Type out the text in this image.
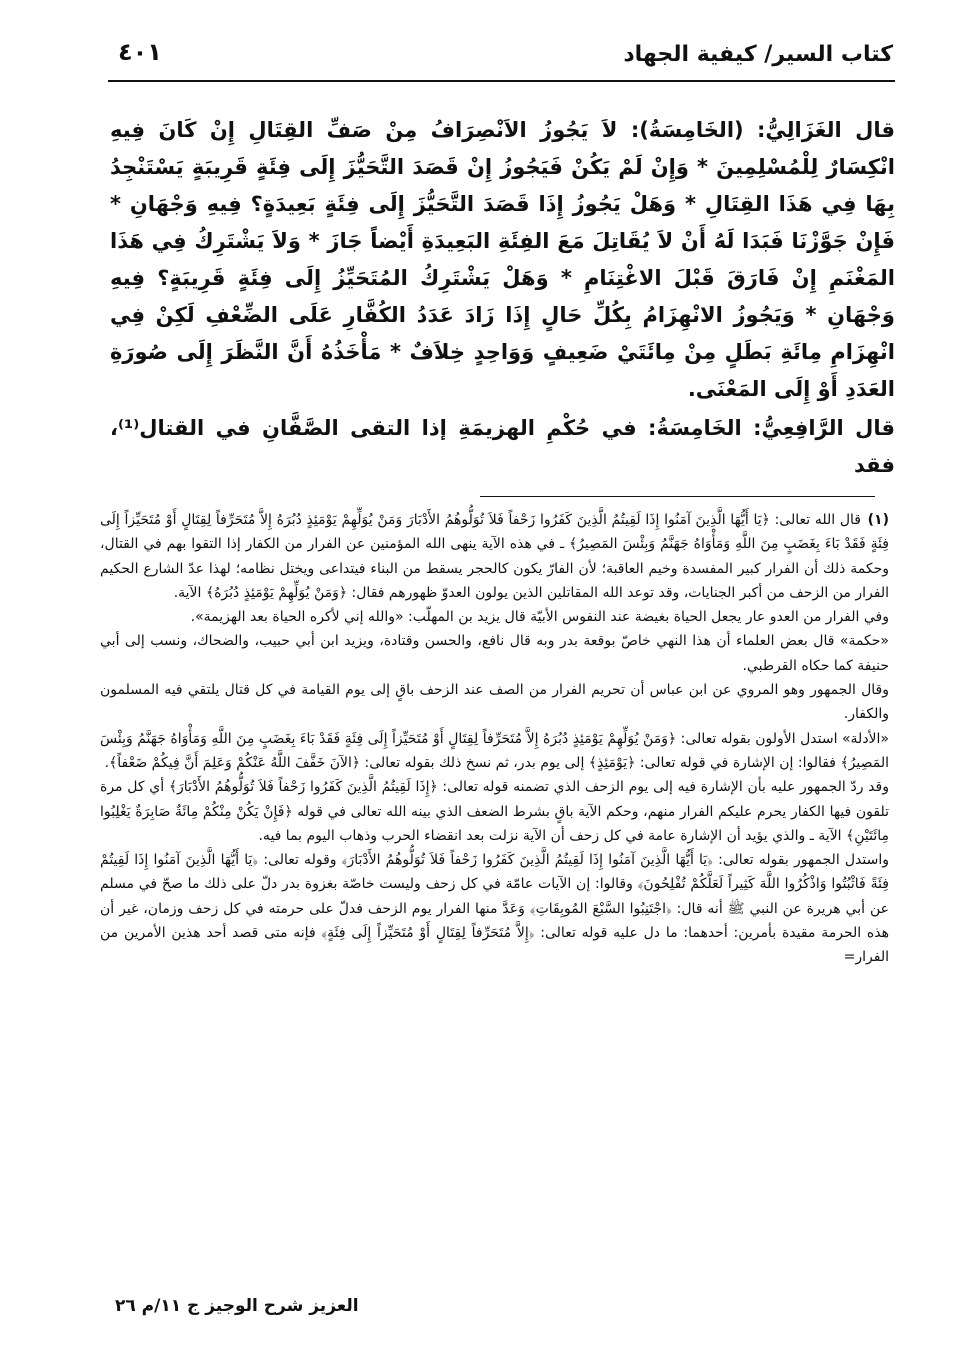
كتاب السير/ كيفية الجهاد
٤٠١

قال الغَزَالِيُّ: (الخَامِسَةُ): لاَ يَجُوزُ الاَنْصِرَافُ مِنْ صَفِّ القِتَالِ إِنْ كَانَ فِيهِ انْكِسَارٌ لِلْمُسْلِمِينَ * وَإِنْ لَمْ يَكُنْ فَيَجُوزُ إِنْ قَصَدَ التَّحَيُّزَ إِلَى فِئَةٍ قَرِيبَةٍ يَسْتَنْجِدُ بِهَا فِي هَذَا القِتَالِ * وَهَلْ يَجُوزُ إِذَا قَصَدَ التَّحَيُّزَ إِلَى فِئَةٍ بَعِيدَةٍ؟ فِيهِ وَجْهَانِ * فَإِنْ جَوَّزْنَا فَبَدَا لَهُ أَنْ لاَ يُقَاتِلَ مَعَ الفِئَةِ البَعِيدَةِ أَيْضاً جَازَ * وَلاَ يَشْتَرِكُ فِي هَذَا المَغْنَمِ إِنْ فَارَقَ قَبْلَ الاغْتِنَامِ * وَهَلْ يَشْتَرِكُ المُتَحَيِّزُ إِلَى فِئَةٍ قَرِيبَةٍ؟ فِيهِ وَجْهَانِ * وَيَجُوزُ الانْهِزَامُ بِكُلِّ حَالٍ إِذَا زَادَ عَدَدُ الكُفَّارِ عَلَى الضِّعْفِ لَكِنْ فِي انْهِزَامِ مِائَةِ بَطَلٍ مِنْ مِائَتَيْ ضَعِيفٍ وَوَاحِدٍ خِلاَفٌ * مَأْخَذُهُ أَنَّ النَّظَرَ إِلَى صُورَةِ العَدَدِ أَوْ إِلَى المَعْنَى.

قال الرَّافِعِيُّ: الخَامِسَةُ: في حُكْمِ الهزيمَةِ إذا التقى الصَّفَّانِ في القتال⁽¹⁾، فقد

(١)قال الله تعالى: ﴿يَا أَيُّهَا الَّذِينَ آمَنُوا إِذَا لَقِيتُمُ الَّذِينَ كَفَرُوا زَحْفاً فَلاَ تُوَلُّوهُمُ الأَدْبَارَ وَمَنْ يُوَلِّهِمْ يَوْمَئِذٍ دُبُرَهُ إِلاَّ مُتَحَرِّفاً لِقِتَالٍ أَوْ مُتَحَيِّزاً إِلَى فِئَةٍ فَقَدْ بَاءَ بِغَضَبٍ مِنَ اللَّهِ وَمَأْوَاهُ جَهَنَّمُ وَبِئْسَ المَصِيرُ﴾ ـ في هذه الآية ينهى الله المؤمنين عن الفرار من الكفار إذا التقوا بهم في القتال، وحكمة ذلك أن الفرار كبير المفسدة وخيم العاقبة؛ لأن الفارّ يكون كالحجر يسقط من البناء فيتداعى ويختل نظامه؛ لهذا عدّ الشارع الحكيم الفرار من الزحف من أكبر الجنايات، وقد توعد الله المقاتلين الذين يولون العدوّ ظهورهم فقال: ﴿وَمَنْ يُوَلِّهِمْ يَوْمَئِذٍ دُبُرَهُ﴾ الآية.

وفي الفرار من العدو عار يجعل الحياة بغيضة عند النفوس الأبيّة قال يزيد بن المهلّب: «والله إني لأكره الحياة بعد الهزيمة».

«حكمة» قال بعض العلماء أن هذا النهي خاصّ بوقعة بدر وبه قال نافع، والحسن وقتادة، ويزيد ابن أبي حبيب، والضحاك، ونسب إلى أبي حنيفة كما حكاه القرطبي.

وقال الجمهور وهو المروي عن ابن عباس أن تحريم الفرار من الصف عند الزحف باقٍ إلى يوم القيامة في كل قتال يلتقي فيه المسلمون والكفار.

«الأدلة» استدل الأولون بقوله تعالى: ﴿وَمَنْ يُوَلِّهِمْ يَوْمَئِذٍ دُبُرَهُ إِلاَّ مُتَحَرِّفاً لِقِتَالٍ أَوْ مُتَحَيِّزاً إِلَى فِئَةٍ فَقَدْ بَاءَ بِغَضَبٍ مِنَ اللَّهِ وَمَأْوَاهُ جَهَنَّمُ وَبِئْسَ المَصِيرُ﴾ فقالوا: إن الإشارة في قوله تعالى: ﴿يَوْمَئِذٍ﴾ إلى يوم بدر، ثم نسخ ذلك بقوله تعالى: ﴿الآنَ خَفَّفَ اللَّهُ عَنْكُمْ وَعَلِمَ أَنَّ فِيكُمْ ضَعْفاً﴾.

وقد ردّ الجمهور عليه بأن الإشارة فيه إلى يوم الزحف الذي تضمنه قوله تعالى: ﴿إِذَا لَقِيتُمُ الَّذِينَ كَفَرُوا زَحْفاً فَلاَ تُوَلُّوهُمُ الأَدْبَارَ﴾ أي كل مرة تلقون فيها الكفار يحرم عليكم الفرار منهم، وحكم الآية باقٍ بشرط الضعف الذي بينه الله تعالى في قوله ﴿فَإِنْ يَكُنْ مِنْكُمْ مِائَةٌ صَابِرَةٌ يَغْلِبُوا مِائَتَيْنِ﴾ الآية ـ والذي يؤيد أن الإشارة عامة في كل زحف أن الآية نزلت بعد انقضاء الحرب وذهاب اليوم بما فيه.

واستدل الجمهور بقوله تعالى: ﴿يَا أَيُّهَا الَّذِينَ آمَنُوا إِذَا لَقِيتُمُ الَّذِينَ كَفَرُوا زَحْفاً فَلاَ تُوَلُّوهُمُ الأَدْبَارَ﴾ وقوله تعالى: ﴿يَا أَيُّهَا الَّذِينَ آمَنُوا إِذَا لَقِيتُمْ فِئَةً فَاثْبُتُوا وَاذْكُرُوا اللَّهَ كَثِيراً لَعَلَّكُمْ تُفْلِحُونَ﴾ وقالوا: إن الآيات عامّة في كل زحف وليست خاصّة بغزوة بدر دلّ على ذلك ما صحّ في مسلم عن أبي هريرة عن النبي ﷺ أنه قال: ﴿اجْتَنِبُوا السَّبْعَ المُوبِقَاتِ﴾ وَعَدَّ منها الفرار يوم الزحف فدلّ على حرمته في كل زحف وزمان، غير أن هذه الحرمة مقيدة بأمرين: أحدهما: ما دل عليه قوله تعالى: ﴿إِلاَّ مُتَحَرِّفاً لِقِتَالٍ أَوْ مُتَحَيِّزاً إِلَى فِئَةٍ﴾ فإنه متى قصد أحد هذين الأمرين من الفرار=

العزيز شرح الوجيز ج ١١/م ٢٦
